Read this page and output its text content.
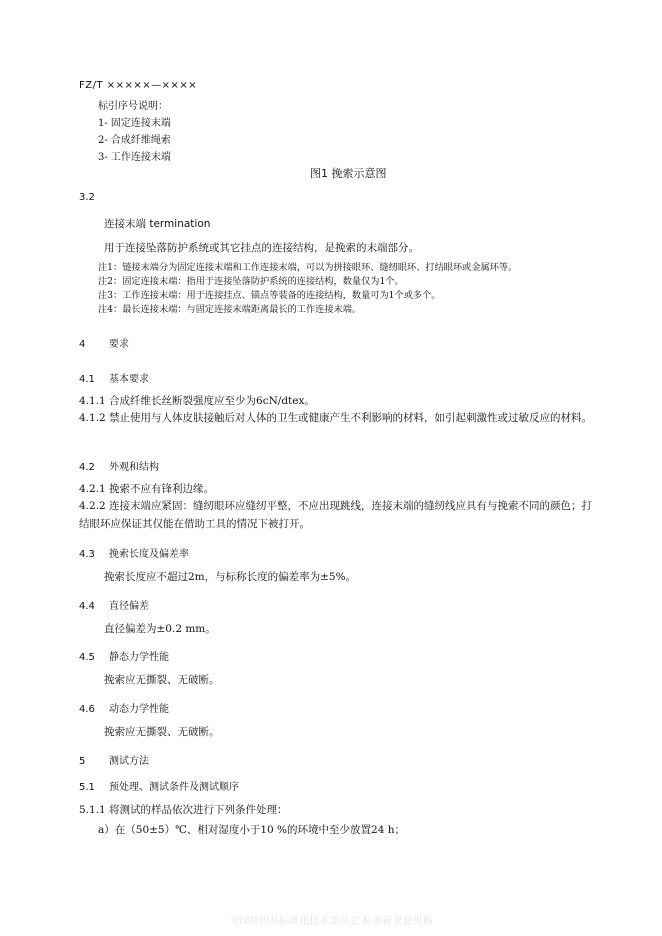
FZ/T ×××××—××××
标引序号说明：
1- 固定连接末端
2- 合成纤维绳索
3- 工作连接末端
图1 挽索示意图
3.2
连接末端 termination
用于连接坠落防护系统或其它挂点的连接结构，是挽索的末端部分。
注1：链接末端分为固定连接末端和工作连接末端，可以为拼接眼环、缝纫眼环、打结眼环或金属环等。
注2：固定连接末端：指用于连接坠落防护系统的连接结构，数量仅为1个。
注3：工作连接末端：用于连接挂点、锚点等装备的连接结构，数量可为1个或多个。
注4：最长连接末端：与固定连接末端距离最长的工作连接末端。
4 要求
4.1 基本要求
4.1.1 合成纤维长丝断裂强度应至少为6cN/dtex。
4.1.2 禁止使用与人体皮肤接触后对人体的卫生或健康产生不利影响的材料，如引起刺激性或过敏反应的材料。
4.2 外观和结构
4.2.1 挽索不应有锋利边缘。
4.2.2 连接末端应紧固：缝纫眼环应缝纫平整，不应出现跳线，连接末端的缝纫线应具有与挽索不同的颜色；打结眼环应保证其仅能在借助工具的情况下被打开。
4.3 挽索长度及偏差率
挽索长度应不超过2m，与标称长度的偏差率为±5%。
4.4 直径偏差
直径偏差为±0.2 mm。
4.5 静态力学性能
挽索应无撕裂、无破断。
4.6 动态力学性能
挽索应无撕裂、无破断。
5 测试方法
5.1 预处理、测试条件及测试顺序
5.1.1 将测试的样品依次进行下列条件处理：
a）在（50±5）℃、相对湿度小于10 %的环境中至少放置24 h；
全国纺织品标准化技术委员会 标准征求意见稿
